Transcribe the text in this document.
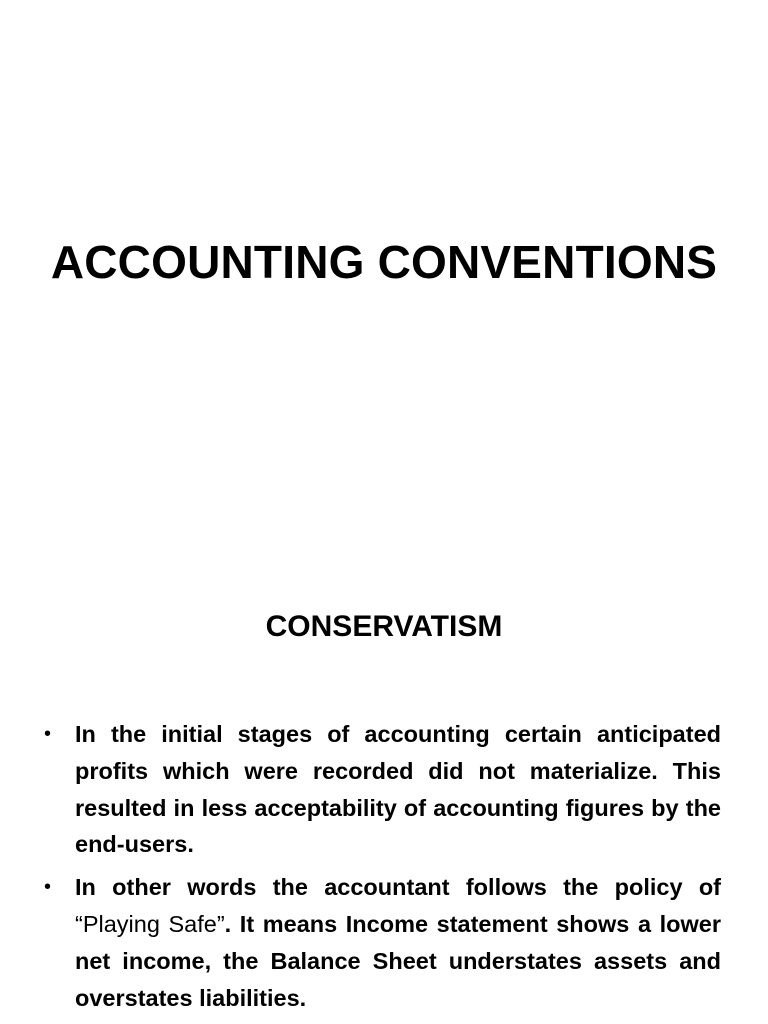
ACCOUNTING CONVENTIONS
CONSERVATISM
• In the initial stages of accounting certain anticipated profits which were recorded did not materialize. This resulted in less acceptability of accounting figures by the end-users.
• In other words the accountant follows the policy of “Playing Safe”. It means Income statement shows a lower net income, the Balance Sheet understates assets and overstates liabilities.
